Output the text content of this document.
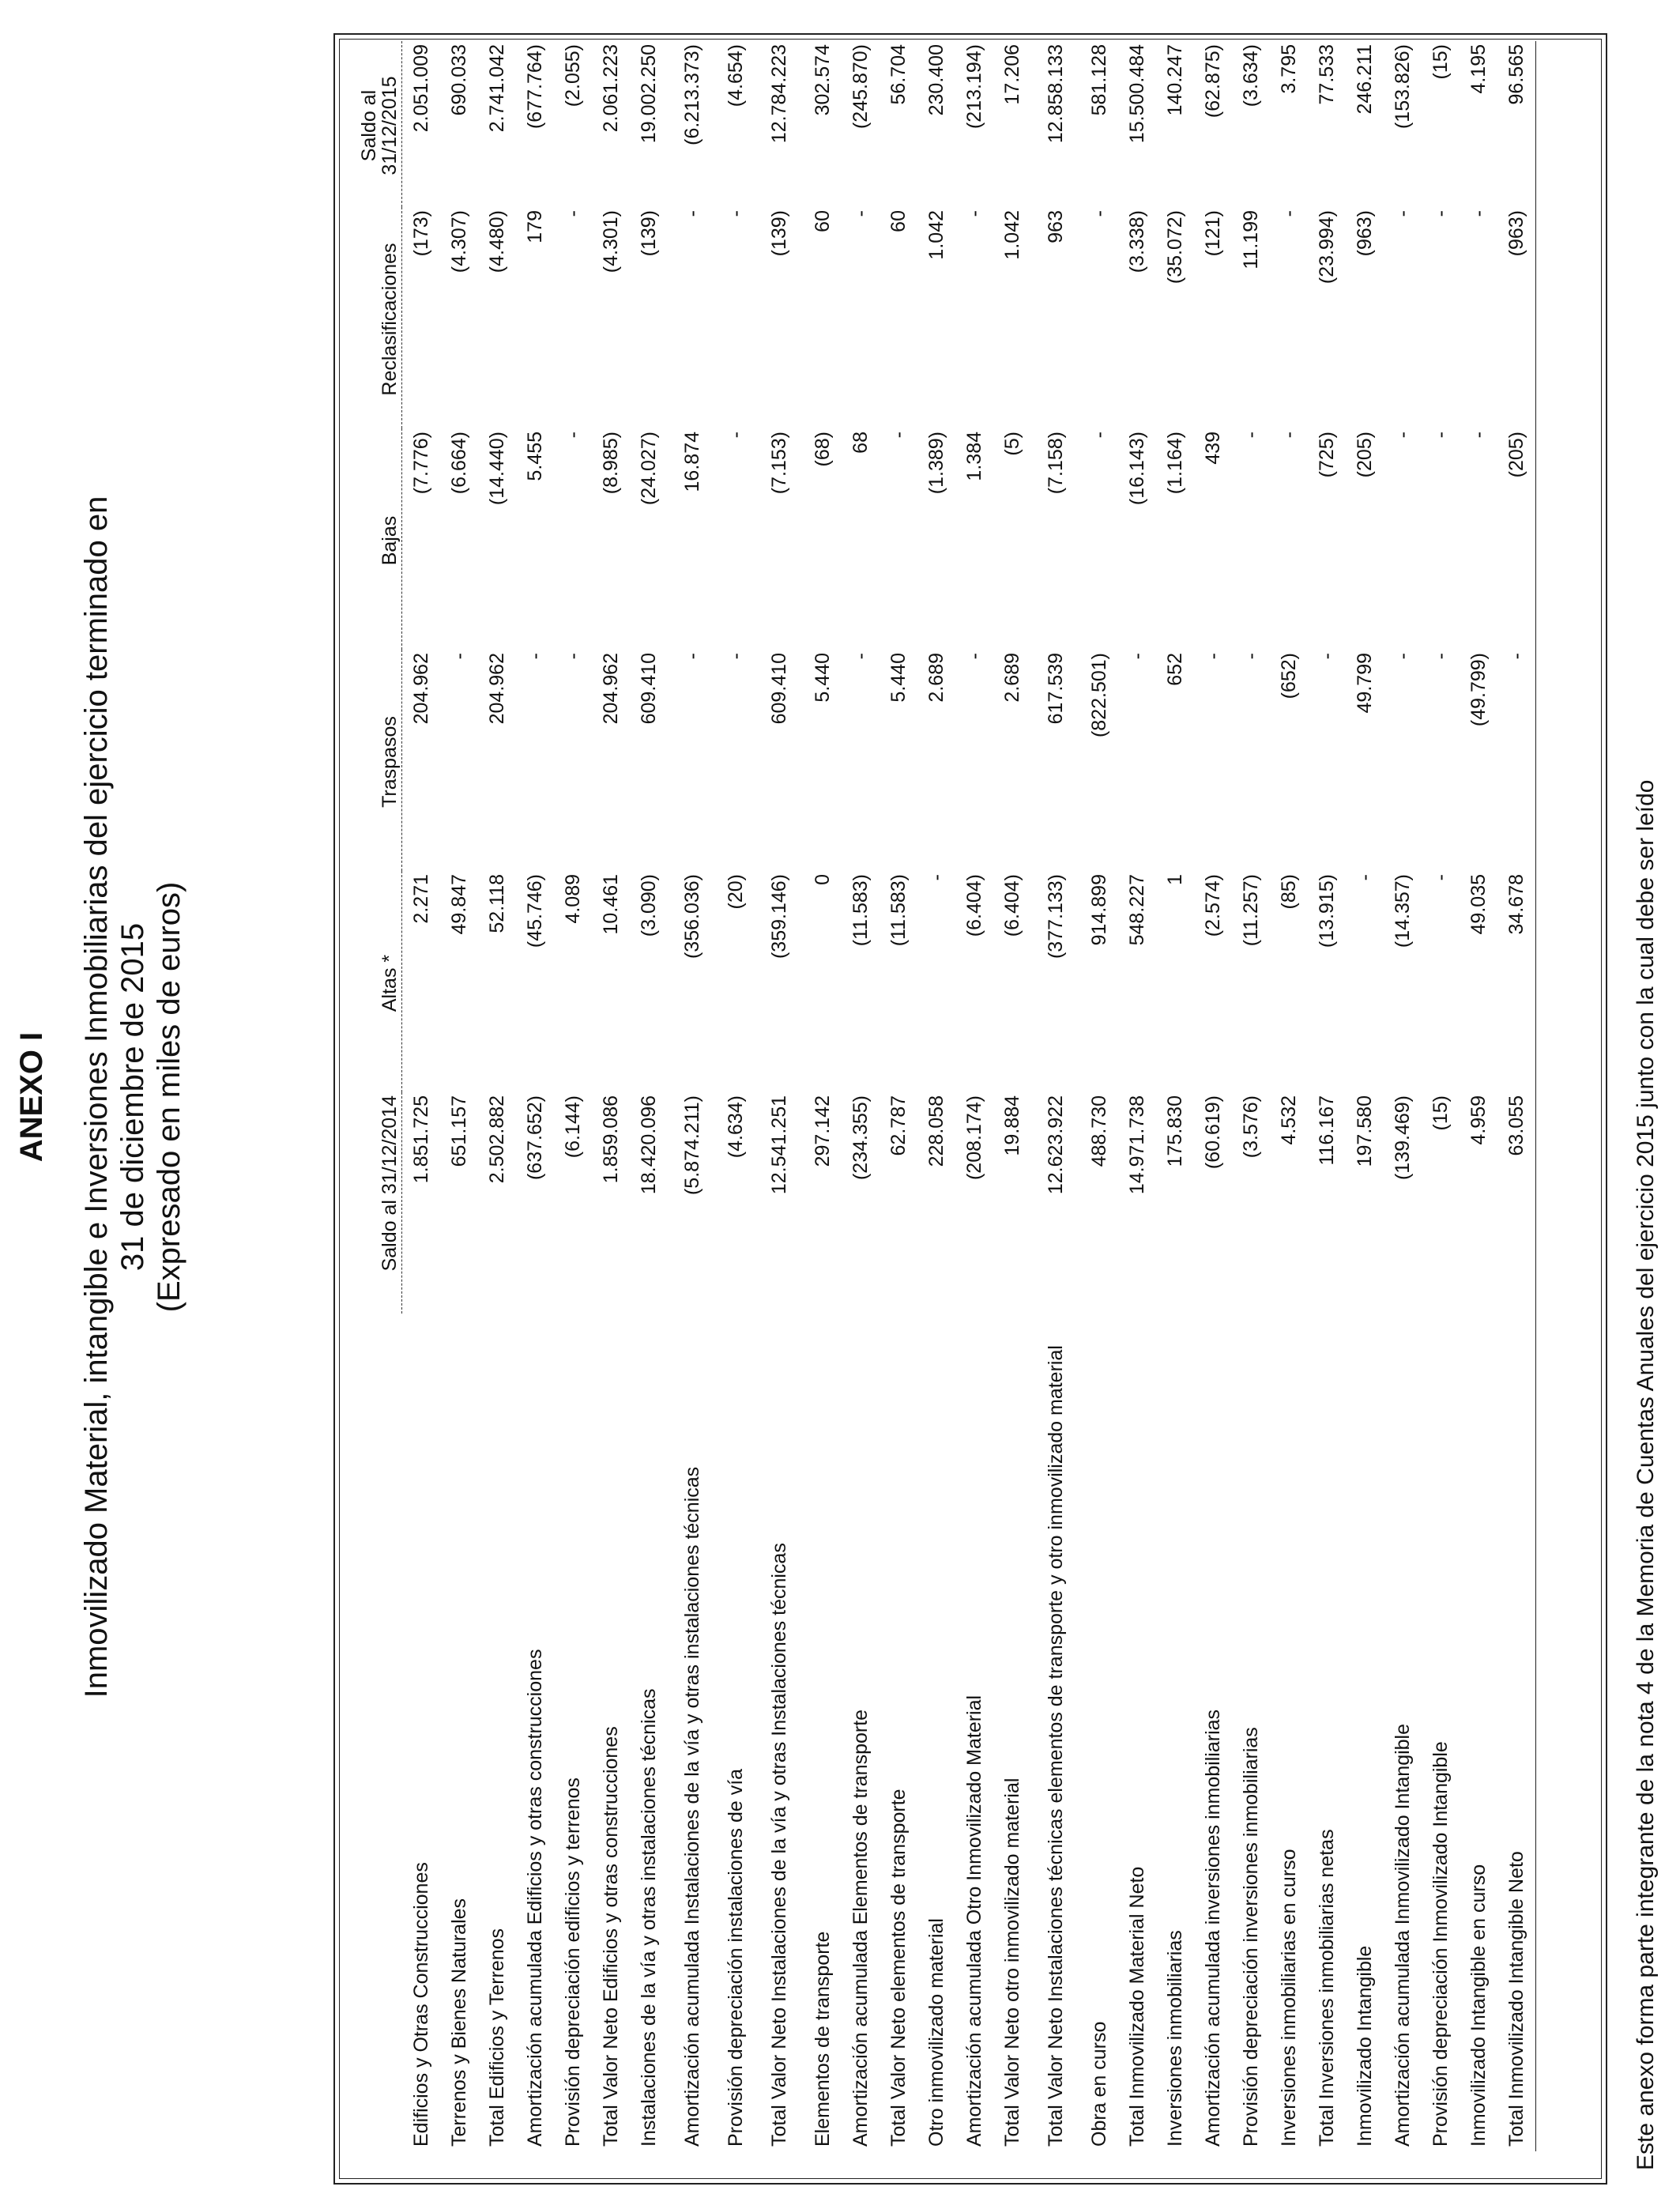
ANEXO I Inmovilizado Material, intangible e Inversiones Inmobiliarias del ejercicio terminado en 31 de diciembre de 2015 (Expresado en miles de euros)
		Saldo al 31/12/2014	Altas *	Traspasos	Bajas	Reclasificaciones	Saldo al
31/12/2015
Edificios y Otras Construcciones	1.851.725	2.271	204.962	(7.776)	(173)	2.051.009
Terrenos y Bienes Naturales	651.157	49.847	-	(6.664)	(4.307)	690.033
Total Edificios y Terrenos	2.502.882	52.118	204.962	(14.440)	(4.480)	2.741.042
Amortización acumulada Edificios y otras construcciones	(637.652)	(45.746)	-	5.455	179	(677.764)
Provisión depreciación edificios y terrenos	(6.144)	4.089	-	-	-	(2.055)
Total Valor Neto Edificios y otras construcciones	1.859.086	10.461	204.962	(8.985)	(4.301)	2.061.223
Instalaciones de la vía y otras instalaciones técnicas	18.420.096	(3.090)	609.410	(24.027)	(139)	19.002.250
Amortización acumulada Instalaciones de la vía y otras instalaciones técnicas	(5.874.211)	(356.036)	-	16.874	-	(6.213.373)
Provisión depreciación instalaciones de vía	(4.634)	(20)	-	-	-	(4.654)
Total Valor Neto Instalaciones de la vía y otras Instalaciones técnicas	12.541.251	(359.146)	609.410	(7.153)	(139)	12.784.223
Elementos de transporte	297.142	0	5.440	(68)	60	302.574
Amortización acumulada Elementos de transporte	(234.355)	(11.583)	-	68	-	(245.870)
Total Valor Neto elementos de transporte	62.787	(11.583)	5.440	-	60	56.704
Otro inmovilizado material	228.058	-	2.689	(1.389)	1.042	230.400
Amortización acumulada Otro Inmovilizado Material	(208.174)	(6.404)	-	1.384	-	(213.194)
Total Valor Neto otro inmovilizado material	19.884	(6.404)	2.689	(5)	1.042	17.206
Total Valor Neto Instalaciones técnicas elementos de transporte y otro inmovilizado material	12.623.922	(377.133)	617.539	(7.158)	963	12.858.133
Obra en curso	488.730	914.899	(822.501)	-	-	581.128
Total Inmovilizado Material Neto	14.971.738	548.227	-	(16.143)	(3.338)	15.500.484
Inversiones inmobiliarias	175.830	1	652	(1.164)	(35.072)	140.247
Amortización acumulada inversiones inmobiliarias	(60.619)	(2.574)	-	439	(121)	(62.875)
Provisión depreciación inversiones inmobiliarias	(3.576)	(11.257)	-	-	11.199	(3.634)
Inversiones inmobiliarias en curso	4.532	(85)	(652)	-	-	3.795
Total Inversiones inmobiliarias netas	116.167	(13.915)	-	(725)	(23.994)	77.533
Inmovilizado Intangible	197.580	-	49.799	(205)	(963)	246.211
Amortización acumulada Inmovilizado Intangible	(139.469)	(14.357)	-	-	-	(153.826)
Provisión depreciación Inmovilizado Intangible	(15)	-	-	-	-	(15)
Inmovilizado Intangible en curso	4.959	49.035	(49.799)	-	-	4.195
Total Inmovilizado Intangible Neto	63.055	34.678	-	(205)	(963)	96.565
Este anexo forma parte integrante de la nota 4 de la Memoria de Cuentas Anuales del ejercicio 2015 junto con la cual debe ser leído
